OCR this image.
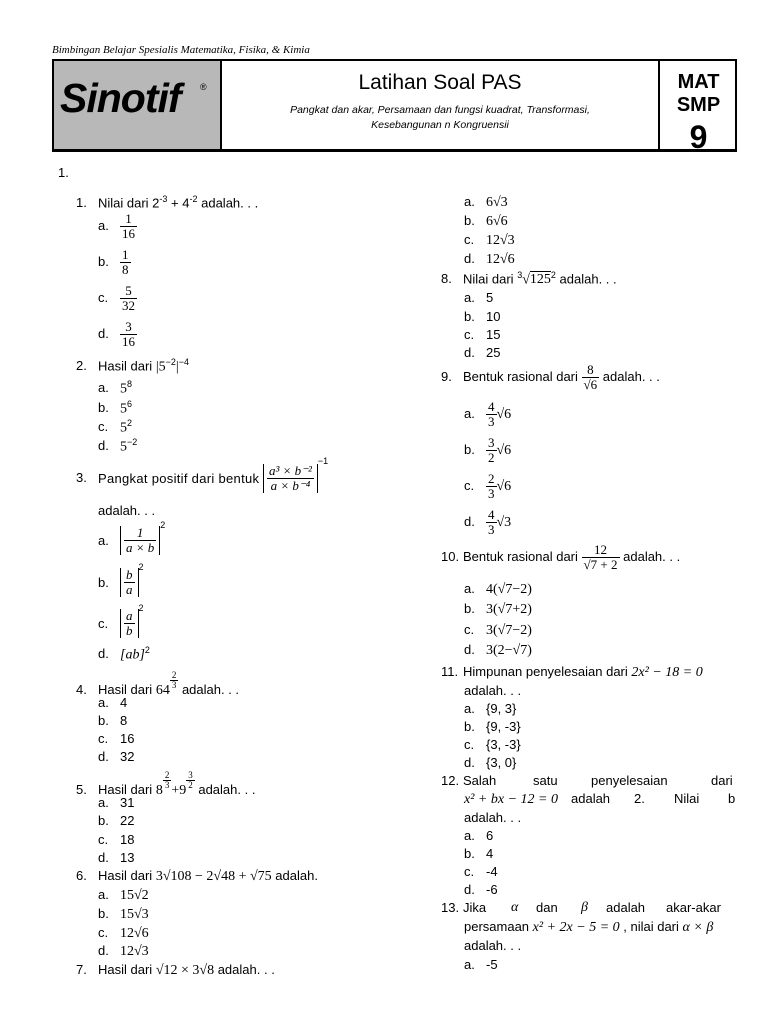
Bimbingan Belajar Spesialis Matematika, Fisika, & Kimia
Sinotif ®	Latihan Soal PAS
Pangkat dan akar, Persamaan dan fungsi kuadrat, Transformasi,
Kesebangunan n Kongruensii
MAT SMP
9
1.
1. Nilai dari $2^{-3} + 4^{-2}$ adalah. . .
a. $\frac{1}{16}$
b. $\frac{1}{8}$
c. $\frac{5}{32}$
d. $\frac{3}{16}$
2. Hasil dari $|5^{-2}|^{-4}$
a. $5^8$
b. $5^6$
c. $5^2$
d. $5^{-2}$
3. Pangkat positif dari bentuk $\frac{\text{a³ × b⁻²}}{\text{a × b⁻⁴}}$
$^{-1}$
adalah. . .
a. $\frac{1}{a \times b}$
$^2$
b. $\frac{b}{a}$
$^2$
c. $\frac{a}{b}$
$^2$
d. [ab]$^2$
4. Hasil dari 64
$\frac{2}{3}$ adalah. . .
a. 4
b. 8
c. 16
d. 32
5. Hasil dari 8
$\frac{2}{3}$
+9
$\frac{3}{2}$ adalah. . .
a. 31
b. 22
c. 18
d. 13
6. Hasil dari 3√108 − 2√48 + √75 adalah.
a. 15√2
b. 15√3
c. 12√6
d. 12√3
7. Hasil dari √12 × 3√8 adalah. . .
a. 6√3
b. 6√6
c. 12√3
d. 12√6
8. Nilai dari $^3√125^2$ adalah. . .
a. 5
b. 10
c. 15
d. 25
9. Bentuk rasional dari $\frac{8}{√6}$ adalah. . .
a. $\frac{4}{3} √6$
b. $\frac{3}{2} √6$
c. $\frac{2}{3} √6$
d. $\frac{4}{3} √3$
10. Bentuk rasional dari $\frac{12}{√7 + 2}$ adalah. . .
a. 4(√7−2)
b. 3(√7+2)
c. 3(√7−2)
d. 3(2−√7)
11. Himpunan penyelesaian dari 2x² − 18 = 0
adalah. . .
a. {9, 3}
b. {9, -3}
c. {3, -3}
d. {3, 0}
12. Salah	satu	penyelesaian	dari
x² + bx − 12 = 0 adalah 2. Nilai b
adalah. . .
a. 6
b. 4
c. -4
d. -6
13. Jika α dan β adalah akar-akar
persamaan x² + 2x − 5 = 0 , nilai dari α × β
adalah. . .
a. -5
